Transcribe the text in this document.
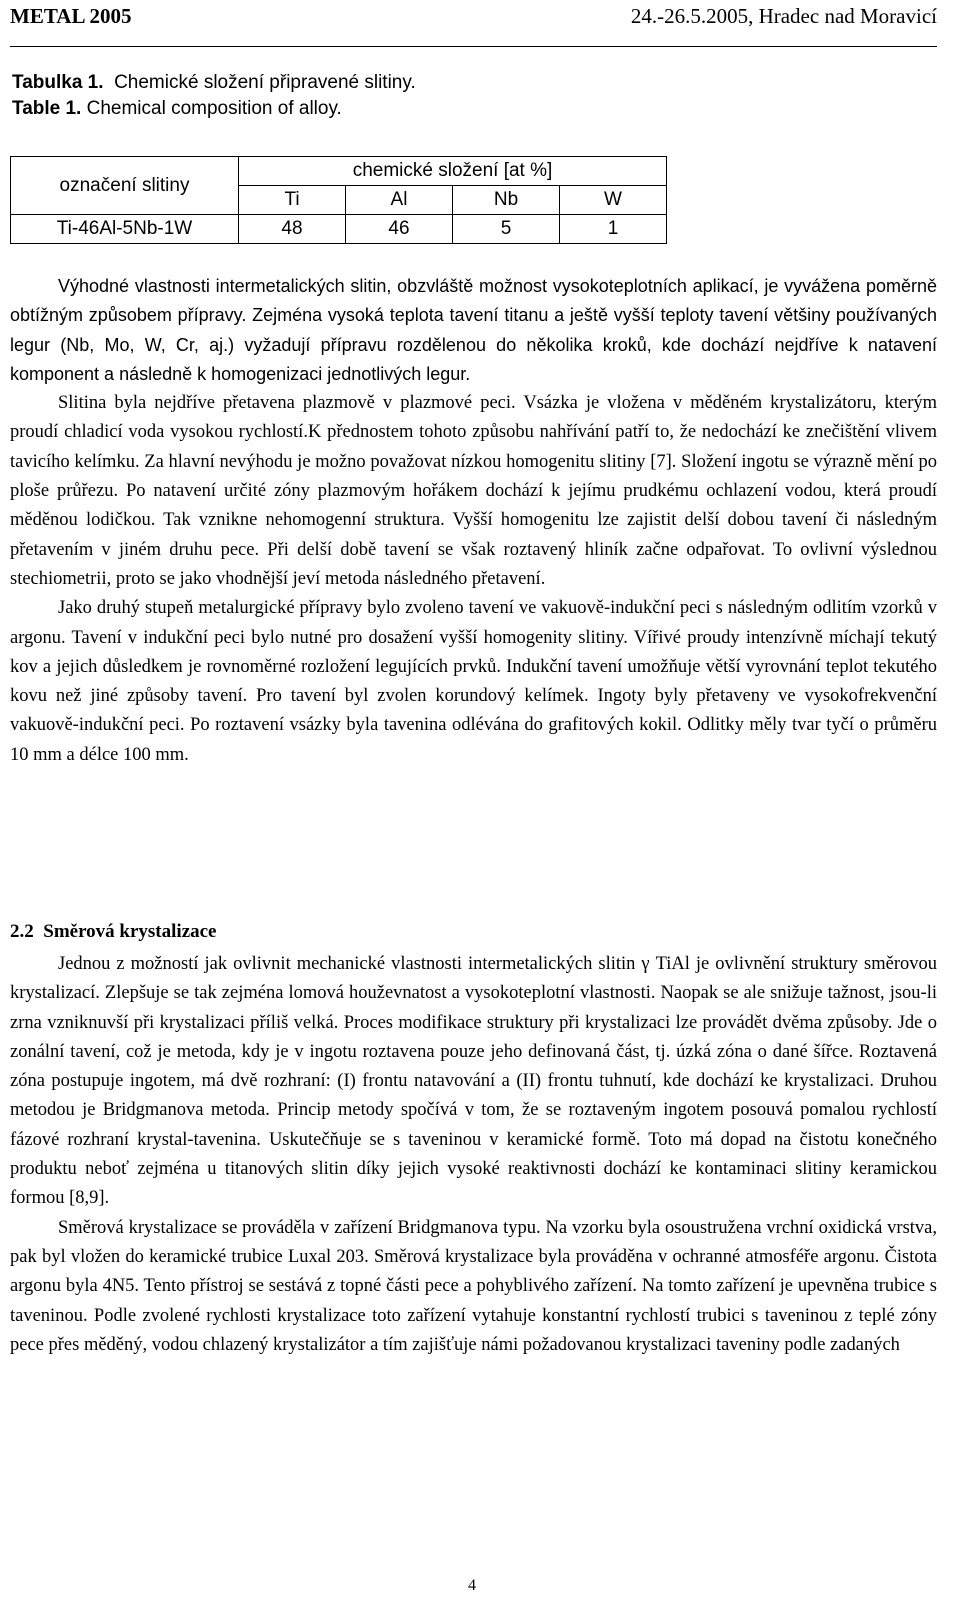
METAL 2005	24.-26.5.2005, Hradec nad Moravicí
Tabulka 1. Chemické složení připravené slitiny.
Table 1. Chemical composition of alloy.
označení slitiny	chemické složení [at %]			
	Ti	Al	Nb	W
Ti-46Al-5Nb-1W	48	46	5	1

Výhodné vlastnosti intermetalických slitin, obzvláště možnost vysokoteplotních aplikací, je vyvážena poměrně obtížným způsobem přípravy. Zejména vysoká teplota tavení titanu a ještě vyšší teploty tavení většiny používaných legur (Nb, Mo, W, Cr, aj.) vyžadují přípravu rozdělenou do několika kroků, kde dochází nejdříve k natavení komponent a následně k homogenizaci jednotlivých legur.

Slitina byla nejdříve přetavena plazmově v plazmové peci. Vsázka je vložena v měděném krystalizátoru, kterým proudí chladicí voda vysokou rychlostí.K přednostem tohoto způsobu nahřívání patří to, že nedochází ke znečištění vlivem tavicího kelímku. Za hlavní nevýhodu je možno považovat nízkou homogenitu slitiny [7]. Složení ingotu se výrazně mění po ploše průřezu. Po natavení určité zóny plazmovým hořákem dochází k jejímu prudkému ochlazení vodou, která proudí měděnou lodičkou. Tak vznikne nehomogenní struktura. Vyšší homogenitu lze zajistit delší dobou tavení či následným přetavením v jiném druhu pece. Při delší době tavení se však roztavený hliník začne odpařovat. To ovlivní výslednou stechiometrii, proto se jako vhodnější jeví metoda následného přetavení.

Jako druhý stupeň metalurgické přípravy bylo zvoleno tavení ve vakuově-indukční peci s následným odlitím vzorků v argonu. Tavení v indukční peci bylo nutné pro dosažení vyšší homogenity slitiny. Vířivé proudy intenzívně míchají tekutý kov a jejich důsledkem je rovnoměrné rozložení legujících prvků. Indukční tavení umožňuje větší vyrovnání teplot tekutého kovu než jiné způsoby tavení. Pro tavení byl zvolen korundový kelímek. Ingoty byly přetaveny ve vysokofrekvenční vakuově-indukční peci. Po roztavení vsázky byla tavenina odlévána do grafitových kokil. Odlitky měly tvar tyčí o průměru 10 mm a délce 100 mm.

2.2 Směrová krystalizace

Jednou z možností jak ovlivnit mechanické vlastnosti intermetalických slitin γ TiAl je ovlivnění struktury směrovou krystalizací. Zlepšuje se tak zejména lomová houževnatost a vysokoteplotní vlastnosti. Naopak se ale snižuje tažnost, jsou-li zrna vzniknuvší při krystalizaci příliš velká. Proces modifikace struktury při krystalizaci lze provádět dvěma způsoby. Jde o zonální tavení, což je metoda, kdy je v ingotu roztavena pouze jeho definovaná část, tj. úzká zóna o dané šířce. Roztavená zóna postupuje ingotem, má dvě rozhraní: (I) frontu natavování a (II) frontu tuhnutí, kde dochází ke krystalizaci. Druhou metodou je Bridgmanova metoda. Princip metody spočívá v tom, že se roztaveným ingotem posouvá pomalou rychlostí fázové rozhraní krystal-tavenina. Uskutečňuje se s taveninou v keramické formě. Toto má dopad na čistotu konečného produktu neboť zejména u titanových slitin díky jejich vysoké reaktivnosti dochází ke kontaminaci slitiny keramickou formou [8,9].

Směrová krystalizace se prováděla v zařízení Bridgmanova typu. Na vzorku byla osoustružena vrchní oxidická vrstva, pak byl vložen do keramické trubice Luxal 203. Směrová krystalizace byla prováděna v ochranné atmosféře argonu. Čistota argonu byla 4N5. Tento přístroj se sestává z topné části pece a pohyblivého zařízení. Na tomto zařízení je upevněna trubice s taveninou. Podle zvolené rychlosti krystalizace toto zařízení vytahuje konstantní rychlostí trubici s taveninou z teplé zóny pece přes měděný, vodou chlazený krystalizátor a tím zajišťuje námi požadovanou krystalizaci taveniny podle zadaných

4
